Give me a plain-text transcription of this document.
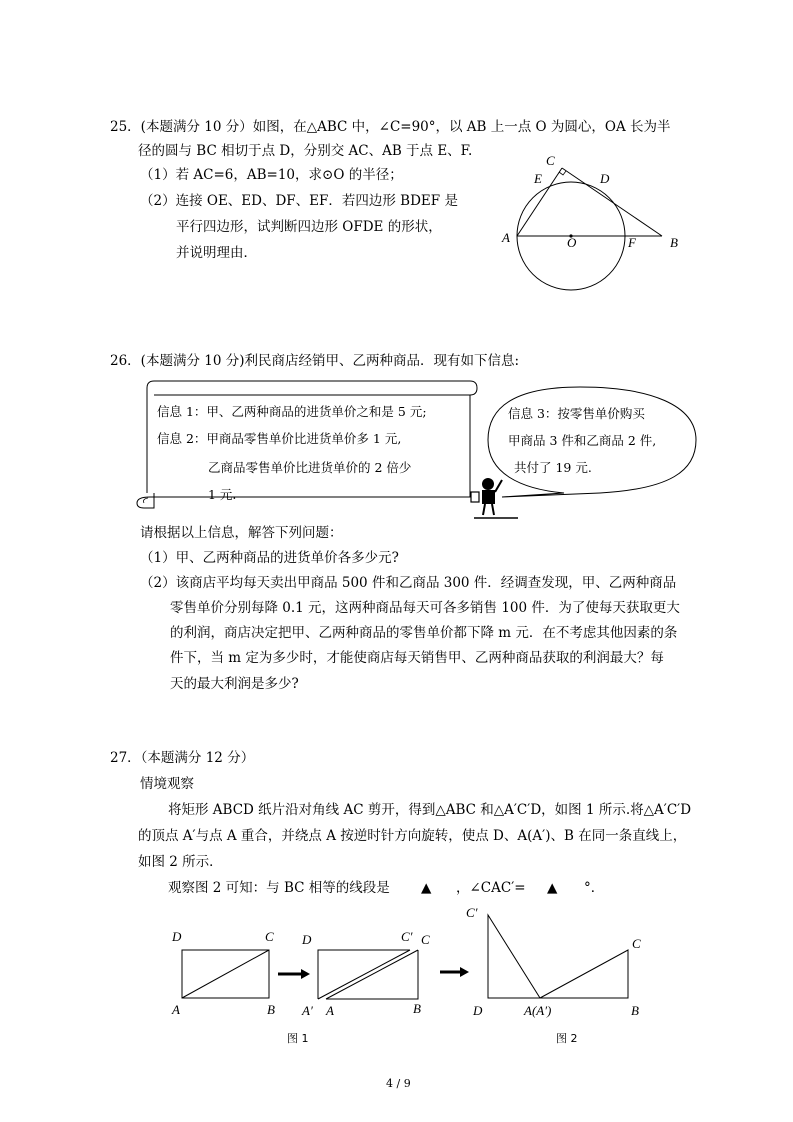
25．(本题满分 10 分）如图，在△ABC 中，∠C=90°，以 AB 上一点 O 为圆心，OA 长为半
径的圆与 BC 相切于点 D，分别交 AC、AB 于点 E、F.
（1）若 AC=6，AB=10，求⊙O 的半径；
（2）连接 OE、ED、DF、EF．若四边形 BDEF 是
平行四边形，试判断四边形 OFDE 的形状，
并说明理由．
C
E	D
A	O	F	B
26．(本题满分 10 分)利民商店经销甲、乙两种商品．现有如下信息:
信息 1：甲、乙两种商品的进货单价之和是 5 元;
信息 2：甲商品零售单价比进货单价多 1 元,
乙商品零售单价比进货单价的 2 倍少
1 元.
信息 3：按零售单价购买
甲商品 3 件和乙商品 2 件,
共付了 19 元.
请根据以上信息，解答下列问题：
（1）甲、乙两种商品的进货单价各多少元?
（2）该商店平均每天卖出甲商品 500 件和乙商品 300 件．经调查发现，甲、乙两种商品
零售单价分别每降 0.1 元，这两种商品每天可各多销售 100 件．为了使每天获取更大
的利润，商店决定把甲、乙两种商品的零售单价都下降 m 元．在不考虑其他因素的条
件下，当 m 定为多少时，才能使商店每天销售甲、乙两种商品获取的利润最大？每
天的最大利润是多少?
27．（本题满分 12 分）
情境观察
将矩形 ABCD 纸片沿对角线 AC 剪开，得到△ABC 和△A′C′D，如图 1 所示.将△A′C′D
的顶点 A′与点 A 重合，并绕点 A 按逆时针方向旋转，使点 D、A(A′)、B 在同一条直线上，
如图 2 所示．
观察图 2 可知：与 BC 相等的线段是 ▲ ，∠CAC′= ▲ °．
D	C
A	B
图 1
D	C′ C
A′ A	B
C′
C
D	A(A′)	B
图 2
4 / 9
